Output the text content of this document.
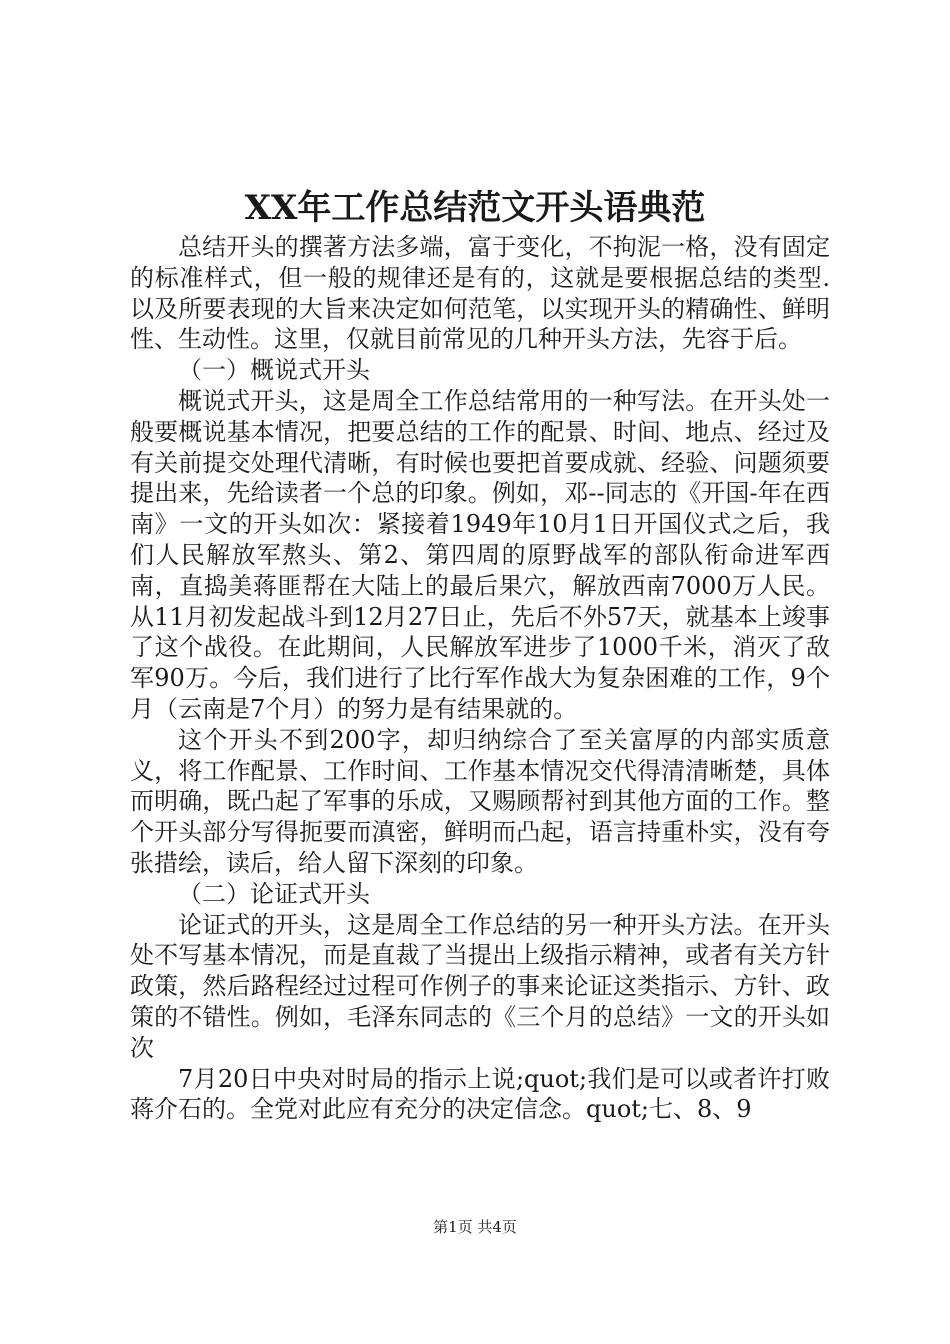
XX年工作总结范文开头语典范

总结开头的撰著方法多端，富于变化，不拘泥一格，没有固定的标准样式，但一般的规律还是有的，这就是要根据总结的类型.以及所要表现的大旨来决定如何范笔，以实现开头的精确性、鲜明性、生动性。这里，仅就目前常见的几种开头方法，先容于后。

（一）概说式开头

概说式开头，这是周全工作总结常用的一种写法。在开头处一般要概说基本情况，把要总结的工作的配景、时间、地点、经过及有关前提交处理代清晰，有时候也要把首要成就、经验、问题须要提出来，先给读者一个总的印象。例如，邓--同志的《开国-年在西南》一文的开头如次：紧接着1949年10月1日开国仪式之后，我们人民解放军熬头、第2、第四周的原野战军的部队衔命进军西南，直捣美蒋匪帮在大陆上的最后果穴，解放西南7000万人民。从11月初发起战斗到12月27日止，先后不外57天，就基本上竣事了这个战役。在此期间，人民解放军进步了1000千米，消灭了敌军90万。今后，我们进行了比行军作战大为复杂困难的工作，9个月（云南是7个月）的努力是有结果就的。

这个开头不到200字，却归纳综合了至关富厚的内部实质意义，将工作配景、工作时间、工作基本情况交代得清清晰楚，具体而明确，既凸起了军事的乐成，又赐顾帮衬到其他方面的工作。整个开头部分写得扼要而滇密，鲜明而凸起，语言持重朴实，没有夸张措绘，读后，给人留下深刻的印象。

（二）论证式开头

论证式的开头，这是周全工作总结的另一种开头方法。在开头处不写基本情况，而是直裁了当提出上级指示精神，或者有关方针政策，然后路程经过过程可作例子的事来论证这类指示、方针、政策的不错性。例如，毛泽东同志的《三个月的总结》一文的开头如次

7月20日中央对时局的指示上说;quot;我们是可以或者许打败蒋介石的。全党对此应有充分的决定信念。quot;七、8、9

第1页 共4页
